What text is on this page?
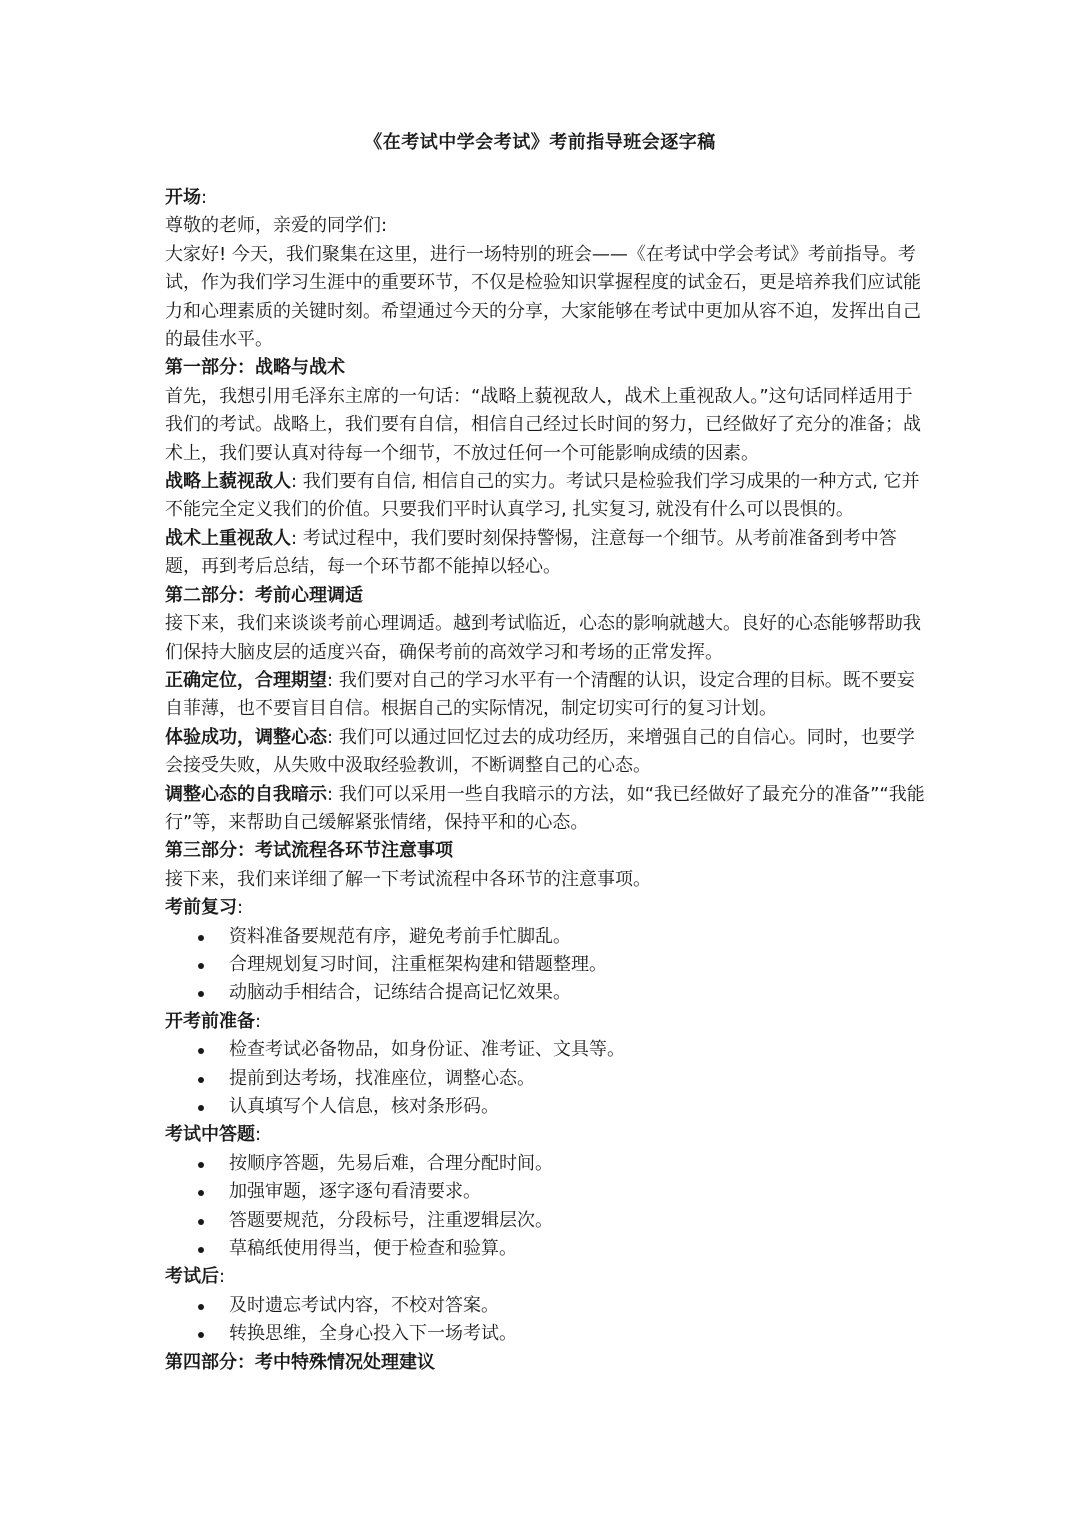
《在考试中学会考试》考前指导班会逐字稿

开场:

尊敬的老师，亲爱的同学们:

大家好! 今天，我们聚集在这里，进行一场特别的班会——《在考试中学会考试》考前指导。考试，作为我们学习生涯中的重要环节，不仅是检验知识掌握程度的试金石，更是培养我们应试能力和心理素质的关键时刻。希望通过今天的分享，大家能够在考试中更加从容不迫，发挥出自己的最佳水平。

第一部分：战略与战术

首先，我想引用毛泽东主席的一句话：“战略上藐视敌人，战术上重视敌人。”这句话同样适用于我们的考试。战略上，我们要有自信，相信自己经过长时间的努力，已经做好了充分的准备；战术上，我们要认真对待每一个细节，不放过任何一个可能影响成绩的因素。

战略上藐视敌人: 我们要有自信, 相信自己的实力。考试只是检验我们学习成果的一种方式, 它并不能完全定义我们的价值。只要我们平时认真学习, 扎实复习, 就没有什么可以畏惧的。

战术上重视敌人: 考试过程中，我们要时刻保持警惕，注意每一个细节。从考前准备到考中答题，再到考后总结，每一个环节都不能掉以轻心。

第二部分：考前心理调适

接下来，我们来谈谈考前心理调适。越到考试临近，心态的影响就越大。良好的心态能够帮助我们保持大脑皮层的适度兴奋，确保考前的高效学习和考场的正常发挥。

正确定位，合理期望: 我们要对自己的学习水平有一个清醒的认识，设定合理的目标。既不要妄自菲薄，也不要盲目自信。根据自己的实际情况，制定切实可行的复习计划。

体验成功，调整心态: 我们可以通过回忆过去的成功经历，来增强自己的自信心。同时，也要学会接受失败，从失败中汲取经验教训，不断调整自己的心态。

调整心态的自我暗示: 我们可以采用一些自我暗示的方法，如“我已经做好了最充分的准备”“我能行”等，来帮助自己缓解紧张情绪，保持平和的心态。

第三部分：考试流程各环节注意事项

接下来，我们来详细了解一下考试流程中各环节的注意事项。

考前复习:

资料准备要规范有序，避免考前手忙脚乱。
合理规划复习时间，注重框架构建和错题整理。
动脑动手相结合，记练结合提高记忆效果。

开考前准备:

检查考试必备物品，如身份证、准考证、文具等。
提前到达考场，找准座位，调整心态。
认真填写个人信息，核对条形码。

考试中答题:

按顺序答题，先易后难，合理分配时间。
加强审题，逐字逐句看清要求。
答题要规范，分段标号，注重逻辑层次。
草稿纸使用得当，便于检查和验算。

考试后:

及时遗忘考试内容，不校对答案。
转换思维，全身心投入下一场考试。

第四部分：考中特殊情况处理建议
